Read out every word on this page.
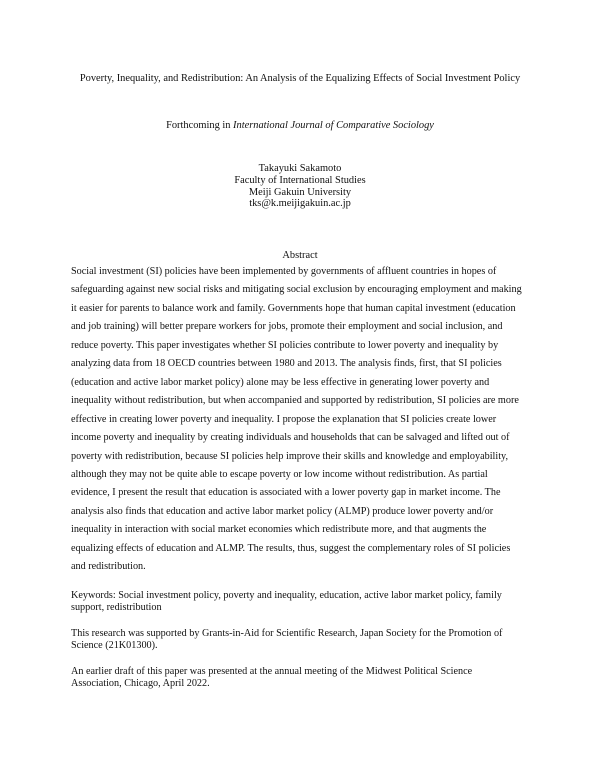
Poverty, Inequality, and Redistribution: An Analysis of the Equalizing Effects of Social Investment Policy
Forthcoming in International Journal of Comparative Sociology
Takayuki Sakamoto
Faculty of International Studies
Meiji Gakuin University
tks@k.meijigakuin.ac.jp
Abstract
Social investment (SI) policies have been implemented by governments of affluent countries in hopes of
safeguarding against new social risks and mitigating social exclusion by encouraging employment and making
it easier for parents to balance work and family. Governments hope that human capital investment (education
and job training) will better prepare workers for jobs, promote their employment and social inclusion, and
reduce poverty. This paper investigates whether SI policies contribute to lower poverty and inequality by
analyzing data from 18 OECD countries between 1980 and 2013. The analysis finds, first, that SI policies
(education and active labor market policy) alone may be less effective in generating lower poverty and
inequality without redistribution, but when accompanied and supported by redistribution, SI policies are more
effective in creating lower poverty and inequality. I propose the explanation that SI policies create lower
income poverty and inequality by creating individuals and households that can be salvaged and lifted out of
poverty with redistribution, because SI policies help improve their skills and knowledge and employability,
although they may not be quite able to escape poverty or low income without redistribution. As partial
evidence, I present the result that education is associated with a lower poverty gap in market income. The
analysis also finds that education and active labor market policy (ALMP) produce lower poverty and/or
inequality in interaction with social market economies which redistribute more, and that augments the
equalizing effects of education and ALMP. The results, thus, suggest the complementary roles of SI policies
and redistribution.
Keywords: Social investment policy, poverty and inequality, education, active labor market policy, family
support, redistribution
This research was supported by Grants-in-Aid for Scientific Research, Japan Society for the Promotion of
Science (21K01300).
An earlier draft of this paper was presented at the annual meeting of the Midwest Political Science
Association, Chicago, April 2022.
